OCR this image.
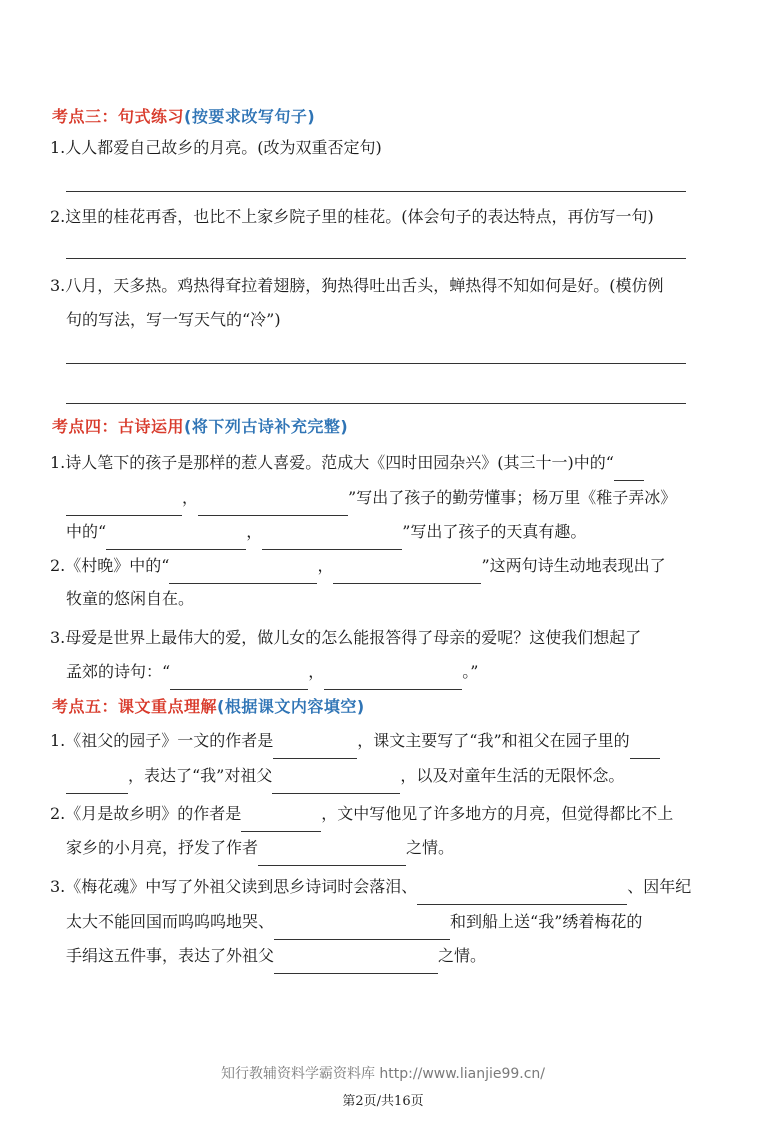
考点三：句式练习(按要求改写句子)
1.人人都爱自己故乡的月亮。(改为双重否定句)
2.这里的桂花再香，也比不上家乡院子里的桂花。(体会句子的表达特点，再仿写一句)
3.八月，天多热。鸡热得耷拉着翅膀，狗热得吐出舌头，蝉热得不知如何是好。(模仿例
句的写法，写一写天气的“冷”)
考点四：古诗运用(将下列古诗补充完整)
1.诗人笔下的孩子是那样的惹人喜爱。范成大《四时田园杂兴》(其三十一)中的“
，	”写出了孩子的勤劳懂事；杨万里《稚子弄冰》
中的“	，	”写出了孩子的天真有趣。
2.《村晚》中的“	，	”这两句诗生动地表现出了
牧童的悠闲自在。
3.母爱是世界上最伟大的爱，做儿女的怎么能报答得了母亲的爱呢？这使我们想起了
孟郊的诗句：“	，	。”
考点五：课文重点理解(根据课文内容填空)
1.《祖父的园子》一文的作者是	，课文主要写了“我”和祖父在园子里的
，表达了“我”对祖父	，以及对童年生活的无限怀念。
2.《月是故乡明》的作者是	，文中写他见了许多地方的月亮，但觉得都比不上
家乡的小月亮，抒发了作者	之情。
3.《梅花魂》中写了外祖父读到思乡诗词时会落泪、	、因年纪
太大不能回国而呜呜呜地哭、	和到船上送“我”绣着梅花的
手绢这五件事，表达了外祖父	之情。
知行教辅资料学霸资料库 http://www.lianjie99.cn/
第2页/共16页
